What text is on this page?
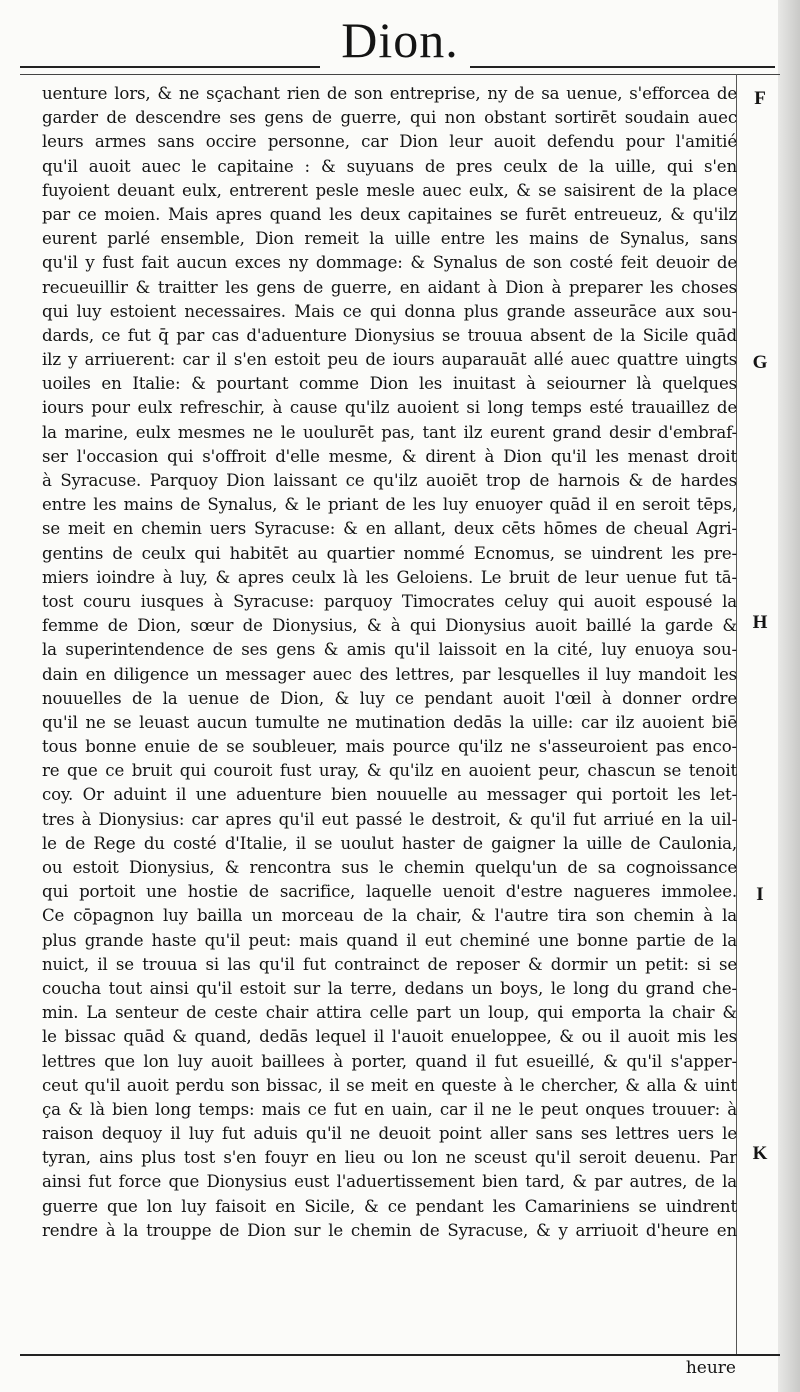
Dion.
uenture lors, & ne sçachant rien de son entreprise, ny de sa uenue, s'efforcea de
garder de descendre ses gens de guerre, qui non obstant sortirēt soudain auec
leurs armes sans occire personne, car Dion leur auoit defendu pour l'amitié
qu'il auoit auec le capitaine : & suyuans de pres ceulx de la uille, qui s'en
fuyoient deuant eulx, entrerent pesle mesle auec eulx, & se saisirent de la place
par ce moien. Mais apres quand les deux capitaines se furēt entreueuz, & qu'ilz
eurent parlé ensemble, Dion remeit la uille entre les mains de Synalus, sans
qu'il y fust fait aucun exces ny dommage: & Synalus de son costé feit deuoir de
recueuillir & traitter les gens de guerre, en aidant à Dion à preparer les choses
qui luy estoient necessaires. Mais ce qui donna plus grande asseurāce aux sou-
dards, ce fut q̄ par cas d'aduenture Dionysius se trouua absent de la Sicile quād
ilz y arriuerent: car il s'en estoit peu de iours auparauāt allé auec quattre uingts
uoiles en Italie: & pourtant comme Dion les inuitast à seiourner là quelques
iours pour eulx refreschir, à cause qu'ilz auoient si long temps esté trauaillez de
la marine, eulx mesmes ne le uoulurēt pas, tant ilz eurent grand desir d'embraf-
ser l'occasion qui s'offroit d'elle mesme, & dirent à Dion qu'il les menast droit
à Syracuse. Parquoy Dion laissant ce qu'ilz auoiēt trop de harnois & de hardes
entre les mains de Synalus, & le priant de les luy enuoyer quād il en seroit tēps,
se meit en chemin uers Syracuse: & en allant, deux cēts hōmes de cheual Agri-
gentins de ceulx qui habitēt au quartier nommé Ecnomus, se uindrent les pre-
miers ioindre à luy, & apres ceulx là les Geloiens. Le bruit de leur uenue fut tā-
tost couru iusques à Syracuse: parquoy Timocrates celuy qui auoit espousé la
femme de Dion, sœur de Dionysius, & à qui Dionysius auoit baillé la garde &
la superintendence de ses gens & amis qu'il laissoit en la cité, luy enuoya sou-
dain en diligence un messager auec des lettres, par lesquelles il luy mandoit les
nouuelles de la uenue de Dion, & luy ce pendant auoit l'œil à donner ordre
qu'il ne se leuast aucun tumulte ne mutination dedās la uille: car ilz auoient biē
tous bonne enuie de se soubleuer, mais pource qu'ilz ne s'asseuroient pas enco-
re que ce bruit qui couroit fust uray, & qu'ilz en auoient peur, chascun se tenoit
coy. Or aduint il une aduenture bien nouuelle au messager qui portoit les let-
tres à Dionysius: car apres qu'il eut passé le destroit, & qu'il fut arriué en la uil-
le de Rege du costé d'Italie, il se uoulut haster de gaigner la uille de Caulonia,
ou estoit Dionysius, & rencontra sus le chemin quelqu'un de sa cognoissance
qui portoit une hostie de sacrifice, laquelle uenoit d'estre nagueres immolee.
Ce cōpagnon luy bailla un morceau de la chair, & l'autre tira son chemin à la
plus grande haste qu'il peut: mais quand il eut cheminé une bonne partie de la
nuict, il se trouua si las qu'il fut contrainct de reposer & dormir un petit: si se
coucha tout ainsi qu'il estoit sur la terre, dedans un boys, le long du grand che-
min. La senteur de ceste chair attira celle part un loup, qui emporta la chair &
le bissac quād & quand, dedās lequel il l'auoit enueloppee, & ou il auoit mis les
lettres que lon luy auoit baillees à porter, quand il fut esueillé, & qu'il s'apper-
ceut qu'il auoit perdu son bissac, il se meit en queste à le chercher, & alla & uint
ça & là bien long temps: mais ce fut en uain, car il ne le peut onques trouuer: à
raison dequoy il luy fut aduis qu'il ne deuoit point aller sans ses lettres uers le
tyran, ains plus tost s'en fouyr en lieu ou lon ne sceust qu'il seroit deuenu. Par
ainsi fut force que Dionysius eust l'aduertissement bien tard, & par autres, de la
guerre que lon luy faisoit en Sicile, & ce pendant les Camariniens se uindrent
rendre à la trouppe de Dion sur le chemin de Syracuse, & y arriuoit d'heure en
F
G
H
I
K
heure
